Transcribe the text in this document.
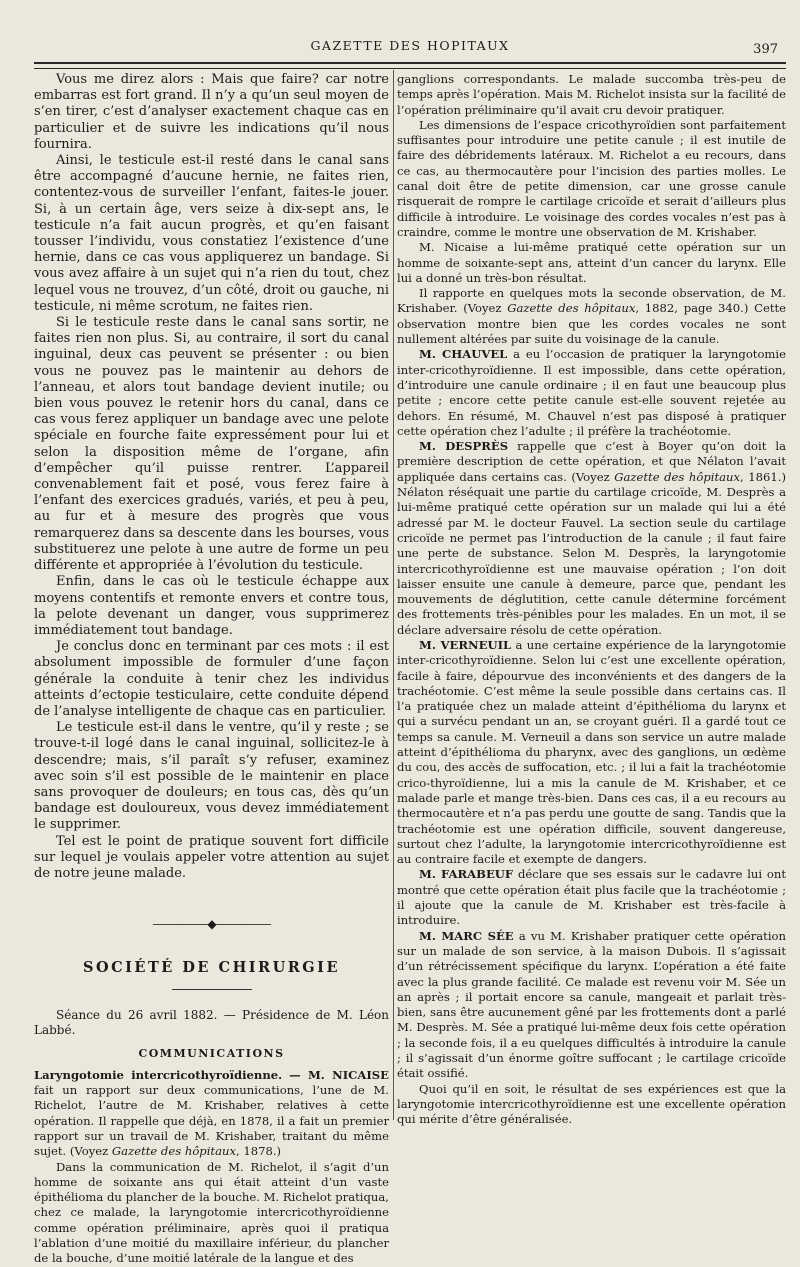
GAZETTE DES HOPITAUX	397

Vous me direz alors : Mais que faire? car notre embarras est fort grand. Il n’y a qu’un seul moyen de s’en tirer, c’est d’analyser exactement chaque cas en particulier et de suivre les indications qu’il nous fournira.

Ainsi, le testicule est-il resté dans le canal sans être accompagné d’aucune hernie, ne faites rien, contentez-vous de surveiller l’enfant, faites-le jouer. Si, à un certain âge, vers seize à dix-sept ans, le testicule n’a fait aucun progrès, et qu’en faisant tousser l’individu, vous constatiez l’existence d’une hernie, dans ce cas vous appliquerez un bandage. Si vous avez affaire à un sujet qui n’a rien du tout, chez lequel vous ne trouvez, d’un côté, droit ou gauche, ni testicule, ni même scrotum, ne faites rien.

Si le testicule reste dans le canal sans sortir, ne faites rien non plus. Si, au contraire, il sort du canal inguinal, deux cas peuvent se présenter : ou bien vous ne pouvez pas le maintenir au dehors de l’anneau, et alors tout bandage devient inutile; ou bien vous pouvez le retenir hors du canal, dans ce cas vous ferez appliquer un bandage avec une pelote spéciale en fourche faite expressément pour lui et selon la disposition même de l’organe, afin d’empêcher qu’il puisse rentrer. L’appareil convenablement fait et posé, vous ferez faire à l’enfant des exercices gradués, variés, et peu à peu, au fur et à mesure des progrès que vous remarquerez dans sa descente dans les bourses, vous substituerez une pelote à une autre de forme un peu différente et appropriée à l’évolution du testicule.

Enfin, dans le cas où le testicule échappe aux moyens contentifs et remonte envers et contre tous, la pelote devenant un danger, vous supprimerez immédiatement tout bandage.

Je conclus donc en terminant par ces mots : il est absolument impossible de formuler d’une façon générale la conduite à tenir chez les individus atteints d’ectopie testiculaire, cette conduite dépend de l’analyse intelligente de chaque cas en particulier.

Le testicule est-il dans le ventre, qu’il y reste ; se trouve-t-il logé dans le canal inguinal, sollicitez-le à descendre; mais, s’il paraît s’y refuser, examinez avec soin s’il est possible de le maintenir en place sans provoquer de douleurs; en tous cas, dès qu’un bandage est douloureux, vous devez immédiatement le supprimer.

Tel est le point de pratique souvent fort difficile sur lequel je voulais appeler votre attention au sujet de notre jeune malade.

—————◆—————
SOCIÉTÉ DE CHIRURGIE

Séance du 26 avril 1882. — Présidence de M. Léon Labbé.

COMMUNICATIONS

Laryngotomie intercricothyroïdienne. — M. NICAISE fait un rapport sur deux communications, l’une de M. Richelot, l’autre de M. Krishaber, relatives à cette opération. Il rappelle que déjà, en 1878, il a fait un premier rapport sur un travail de M. Krishaber, traitant du même sujet. (Voyez Gazette des hôpitaux, 1878.)

Dans la communication de M. Richelot, il s’agit d’un homme de soixante ans qui était atteint d’un vaste épithélioma du plancher de la bouche. M. Richelot pratiqua, chez ce malade, la laryngotomie intercricothyroïdienne comme opération préliminaire, après quoi il pratiqua l’ablation d’une moitié du maxillaire inférieur, du plancher de la bouche, d’une moitié latérale de la langue et des

ganglions correspondants. Le malade succomba très-peu de temps après l’opération. Mais M. Richelot insista sur la facilité de l’opération préliminaire qu’il avait cru devoir pratiquer.

Les dimensions de l’espace cricothyroïdien sont parfaitement suffisantes pour introduire une petite canule ; il est inutile de faire des débridements latéraux. M. Richelot a eu recours, dans ce cas, au thermocautère pour l’incision des parties molles. Le canal doit être de petite dimension, car une grosse canule risquerait de rompre le cartilage cricoïde et serait d’ailleurs plus difficile à introduire. Le voisinage des cordes vocales n’est pas à craindre, comme le montre une observation de M. Krishaber.

M. Nicaise a lui-même pratiqué cette opération sur un homme de soixante-sept ans, atteint d’un cancer du larynx. Elle lui a donné un très-bon résultat.

Il rapporte en quelques mots la seconde observation, de M. Krishaber. (Voyez Gazette des hôpitaux, 1882, page 340.) Cette observation montre bien que les cordes vocales ne sont nullement altérées par suite du voisinage de la canule.

M. CHAUVEL a eu l’occasion de pratiquer la laryngotomie inter-cricothyroïdienne. Il est impossible, dans cette opération, d’introduire une canule ordinaire ; il en faut une beaucoup plus petite ; encore cette petite canule est-elle souvent rejetée au dehors. En résumé, M. Chauvel n’est pas disposé à pratiquer cette opération chez l’adulte ; il préfère la trachéotomie.

M. DESPRÈS rappelle que c’est à Boyer qu’on doit la première description de cette opération, et que Nélaton l’avait appliquée dans certains cas. (Voyez Gazette des hôpitaux, 1861.) Nélaton réséquait une partie du cartilage cricoïde, M. Desprès a lui-même pratiqué cette opération sur un malade qui lui a été adressé par M. le docteur Fauvel. La section seule du cartilage cricoïde ne permet pas l’introduction de la canule ; il faut faire une perte de substance. Selon M. Desprès, la laryngotomie intercricothyroïdienne est une mauvaise opération ; l’on doit laisser ensuite une canule à demeure, parce que, pendant les mouvements de déglutition, cette canule détermine forcément des frottements très-pénibles pour les malades. En un mot, il se déclare adversaire résolu de cette opération.

M. VERNEUIL a une certaine expérience de la laryngotomie inter-cricothyroïdienne. Selon lui c’est une excellente opération, facile à faire, dépourvue des inconvénients et des dangers de la trachéotomie. C’est même la seule possible dans certains cas. Il l’a pratiquée chez un malade atteint d’épithélioma du larynx et qui a survécu pendant un an, se croyant guéri. Il a gardé tout ce temps sa canule. M. Verneuil a dans son service un autre malade atteint d’épithélioma du pharynx, avec des ganglions, un œdème du cou, des accès de suffocation, etc. ; il lui a fait la trachéotomie crico-thyroïdienne, lui a mis la canule de M. Krishaber, et ce malade parle et mange très-bien. Dans ces cas, il a eu recours au thermocautère et n’a pas perdu une goutte de sang. Tandis que la trachéotomie est une opération difficile, souvent dangereuse, surtout chez l’adulte, la laryngotomie intercricothyroïdienne est au contraire facile et exempte de dangers.

M. FARABEUF déclare que ses essais sur le cadavre lui ont montré que cette opération était plus facile que la trachéotomie ; il ajoute que la canule de M. Krishaber est très-facile à introduire.

M. MARC SÉE a vu M. Krishaber pratiquer cette opération sur un malade de son service, à la maison Dubois. Il s’agissait d’un rétrécissement spécifique du larynx. L’opération a été faite avec la plus grande facilité. Ce malade est revenu voir M. Sée un an après ; il portait encore sa canule, mangeait et parlait très-bien, sans être aucunement gêné par les frottements dont a parlé M. Desprès. M. Sée a pratiqué lui-même deux fois cette opération ; la seconde fois, il a eu quelques difficultés à introduire la canule ; il s’agissait d’un énorme goître suffocant ; le cartilage cricoïde était ossifié.

Quoi qu’il en soit, le résultat de ses expériences est que la laryngotomie intercricothyroïdienne est une excellente opération qui mérite d’être généralisée.
